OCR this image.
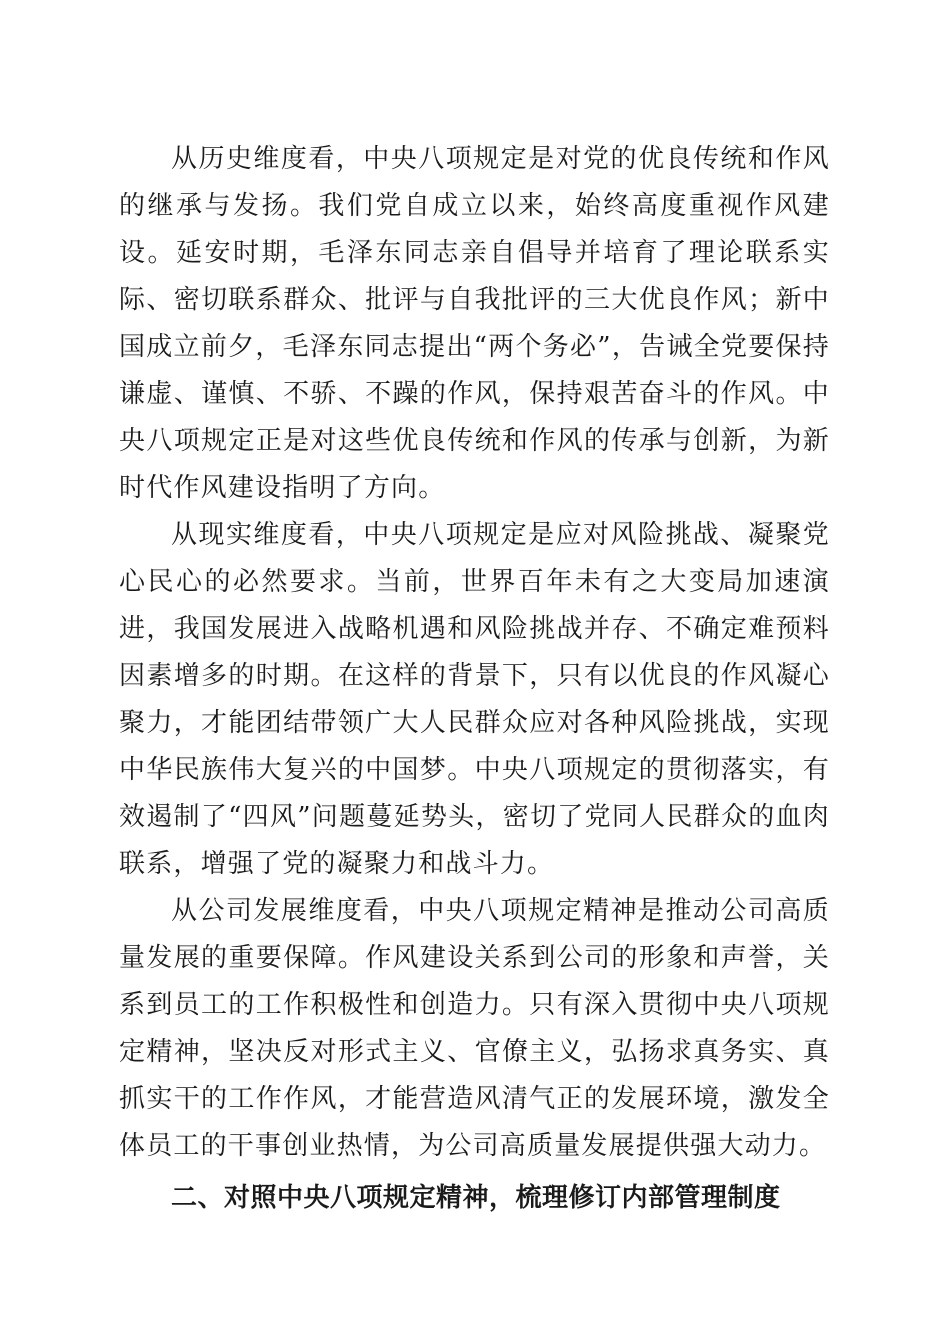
从历史维度看，中央八项规定是对党的优良传统和作风的继承与发扬。我们党自成立以来，始终高度重视作风建设。延安时期，毛泽东同志亲自倡导并培育了理论联系实际、密切联系群众、批评与自我批评的三大优良作风；新中国成立前夕，毛泽东同志提出“两个务必”，告诫全党要保持谦虚、谨慎、不骄、不躁的作风，保持艰苦奋斗的作风。中央八项规定正是对这些优良传统和作风的传承与创新，为新时代作风建设指明了方向。

从现实维度看，中央八项规定是应对风险挑战、凝聚党心民心的必然要求。当前，世界百年未有之大变局加速演进，我国发展进入战略机遇和风险挑战并存、不确定难预料因素增多的时期。在这样的背景下，只有以优良的作风凝心聚力，才能团结带领广大人民群众应对各种风险挑战，实现中华民族伟大复兴的中国梦。中央八项规定的贯彻落实，有效遏制了“四风”问题蔓延势头，密切了党同人民群众的血肉联系，增强了党的凝聚力和战斗力。

从公司发展维度看，中央八项规定精神是推动公司高质量发展的重要保障。作风建设关系到公司的形象和声誉，关系到员工的工作积极性和创造力。只有深入贯彻中央八项规定精神，坚决反对形式主义、官僚主义，弘扬求真务实、真抓实干的工作作风，才能营造风清气正的发展环境，激发全体员工的干事创业热情，为公司高质量发展提供强大动力。

二、对照中央八项规定精神，梳理修订内部管理制度
